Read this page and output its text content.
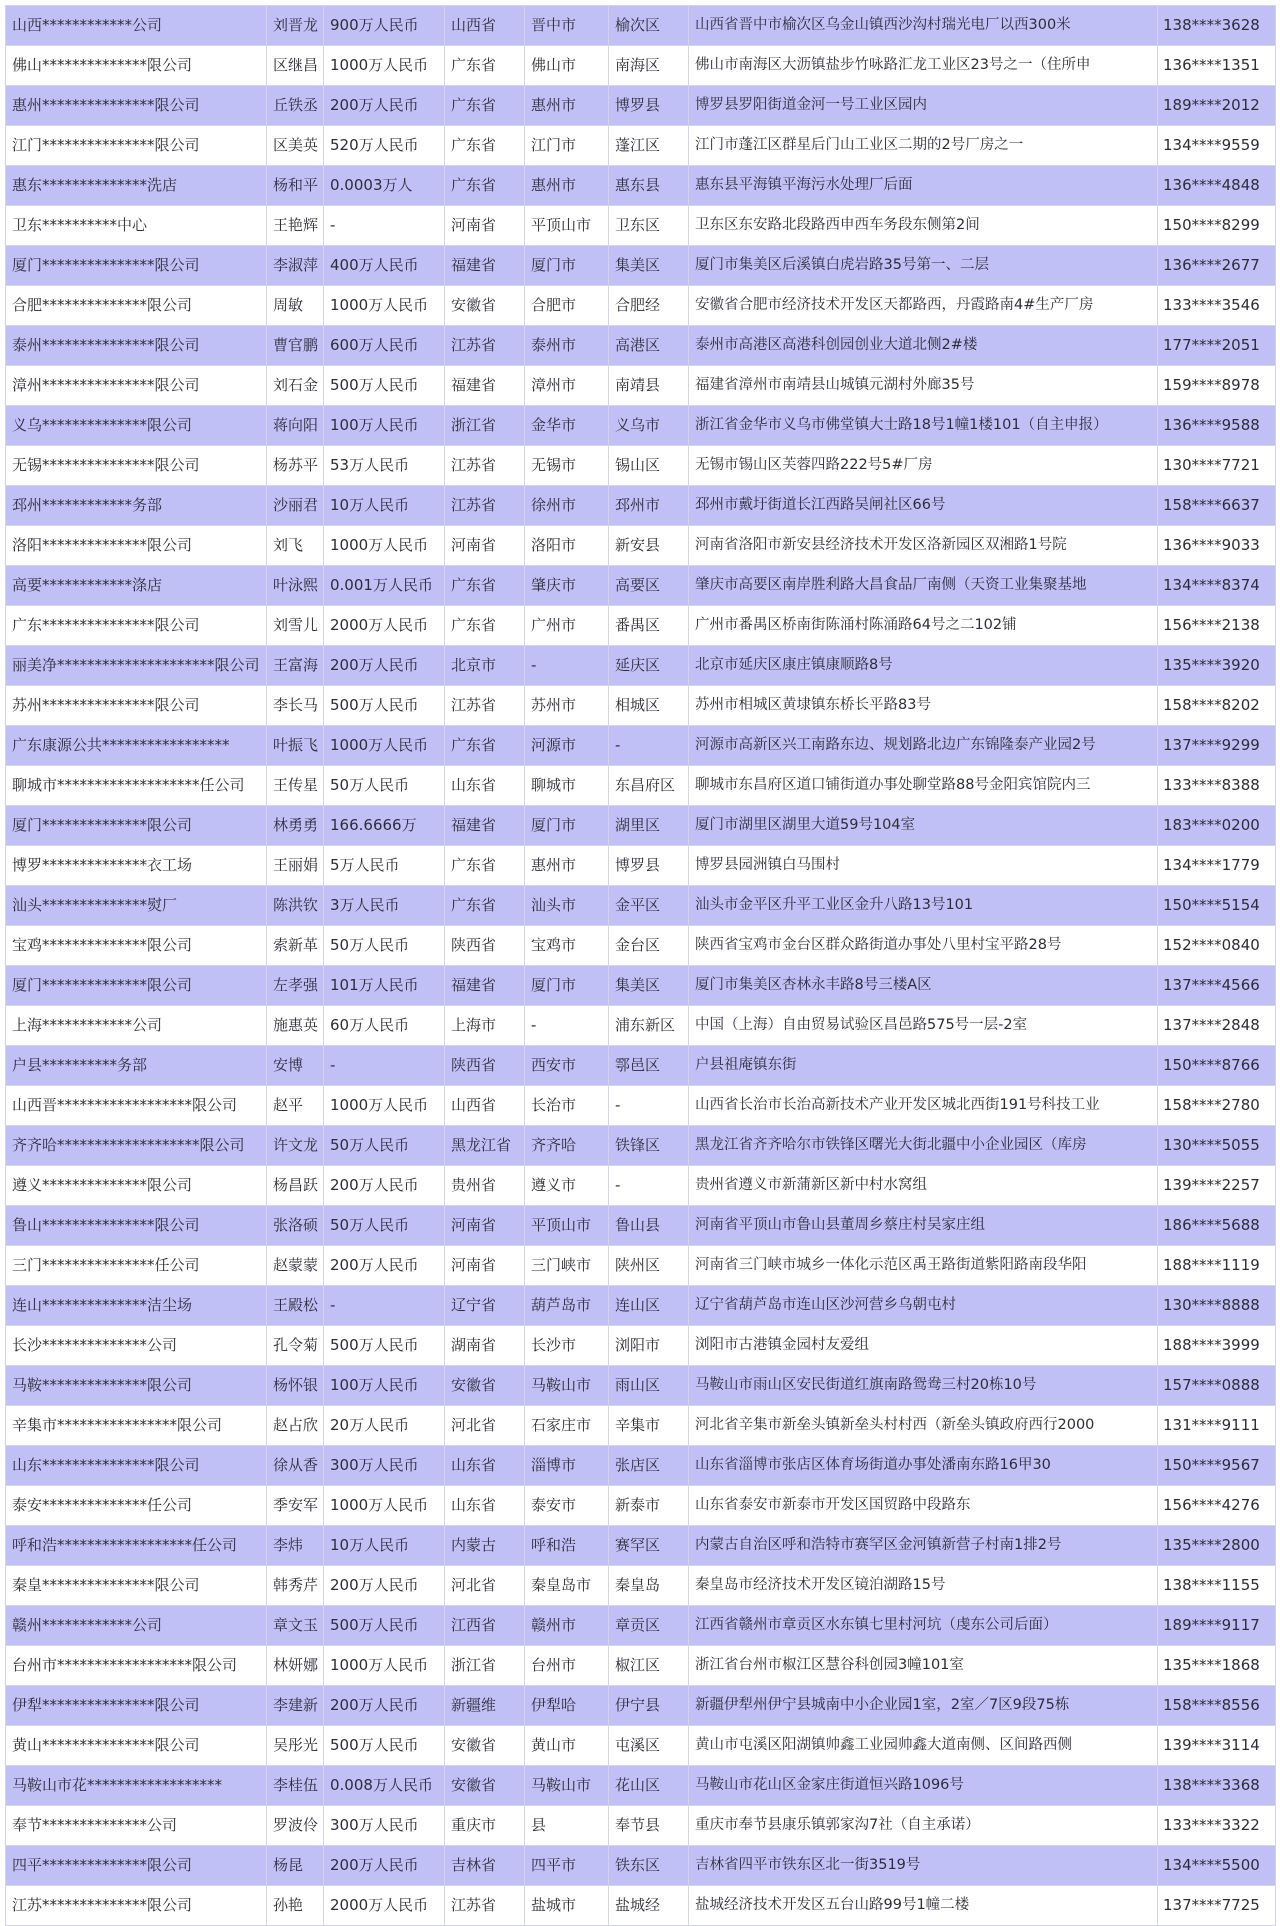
山西************公司	刘晋龙	900万人民币	山西省	晋中市	榆次区	山西省晋中市榆次区乌金山镇西沙沟村瑞光电厂以西300米	138****3628
佛山**************限公司	区继昌	1000万人民币	广东省	佛山市	南海区	佛山市南海区大沥镇盐步竹咏路汇龙工业区23号之一（住所申	136****1351
惠州***************限公司	丘铁丞	200万人民币	广东省	惠州市	博罗县	博罗县罗阳街道金河一号工业区园内	189****2012
江门***************限公司	区美英	520万人民币	广东省	江门市	蓬江区	江门市蓬江区群星后门山工业区二期的2号厂房之一	134****9559
惠东**************洗店	杨和平	0.0003万人	广东省	惠州市	惠东县	惠东县平海镇平海污水处理厂后面	136****4848
卫东**********中心	王艳辉	-	河南省	平顶山市	卫东区	卫东区东安路北段路西申西车务段东侧第2间	150****8299
厦门***************限公司	李淑萍	400万人民币	福建省	厦门市	集美区	厦门市集美区后溪镇白虎岩路35号第一、二层	136****2677
合肥**************限公司	周敏	1000万人民币	安徽省	合肥市	合肥经	安徽省合肥市经济技术开发区天都路西，丹霞路南4#生产厂房	133****3546
泰州***************限公司	曹官鹏	600万人民币	江苏省	泰州市	高港区	泰州市高港区高港科创园创业大道北侧2#楼	177****2051
漳州***************限公司	刘石金	500万人民币	福建省	漳州市	南靖县	福建省漳州市南靖县山城镇元湖村外廊35号	159****8978
义乌**************限公司	蒋向阳	100万人民币	浙江省	金华市	义乌市	浙江省金华市义乌市佛堂镇大士路18号1幢1楼101（自主申报）	136****9588
无锡***************限公司	杨苏平	53万人民币	江苏省	无锡市	锡山区	无锡市锡山区芙蓉四路222号5#厂房	130****7721
邳州************务部	沙丽君	10万人民币	江苏省	徐州市	邳州市	邳州市戴圩街道长江西路吴闸社区66号	158****6637
洛阳**************限公司	刘飞	1000万人民币	河南省	洛阳市	新安县	河南省洛阳市新安县经济技术开发区洛新园区双湘路1号院	136****9033
高要************涤店	叶泳熙	0.001万人民币	广东省	肇庆市	高要区	肇庆市高要区南岸胜利路大昌食品厂南侧（天资工业集聚基地	134****8374
广东***************限公司	刘雪儿	2000万人民币	广东省	广州市	番禺区	广州市番禺区桥南街陈涌村陈涌路64号之二102铺	156****2138
丽美净*********************限公司	王富海	200万人民币	北京市	-	延庆区	北京市延庆区康庄镇康顺路8号	135****3920
苏州***************限公司	李长马	500万人民币	江苏省	苏州市	相城区	苏州市相城区黄埭镇东桥长平路83号	158****8202
广东康源公共*****************	叶振飞	1000万人民币	广东省	河源市	-	河源市高新区兴工南路东边、规划路北边广东锦隆泰产业园2号	137****9299
聊城市*******************任公司	王传星	50万人民币	山东省	聊城市	东昌府区	聊城市东昌府区道口铺街道办事处聊堂路88号金阳宾馆院内三	133****8388
厦门**************限公司	林勇勇	166.6666万	福建省	厦门市	湖里区	厦门市湖里区湖里大道59号104室	183****0200
博罗**************衣工场	王丽娟	5万人民币	广东省	惠州市	博罗县	博罗县园洲镇白马围村	134****1779
汕头**************熨厂	陈洪钦	3万人民币	广东省	汕头市	金平区	汕头市金平区升平工业区金升八路13号101	150****5154
宝鸡**************限公司	索新革	50万人民币	陕西省	宝鸡市	金台区	陕西省宝鸡市金台区群众路街道办事处八里村宝平路28号	152****0840
厦门**************限公司	左孝强	101万人民币	福建省	厦门市	集美区	厦门市集美区杏林永丰路8号三楼A区	137****4566
上海************公司	施惠英	60万人民币	上海市	-	浦东新区	中国（上海）自由贸易试验区昌邑路575号一层-2室	137****2848
户县**********务部	安博	-	陕西省	西安市	鄠邑区	户县祖庵镇东街	150****8766
山西晋******************限公司	赵平	1000万人民币	山西省	长治市	-	山西省长治市长治高新技术产业开发区城北西街191号科技工业	158****2780
齐齐哈*******************限公司	许文龙	50万人民币	黑龙江省	齐齐哈	铁锋区	黑龙江省齐齐哈尔市铁锋区曙光大街北疆中小企业园区（库房	130****5055
遵义**************限公司	杨昌跃	200万人民币	贵州省	遵义市	-	贵州省遵义市新蒲新区新中村水窝组	139****2257
鲁山***************限公司	张洛硕	50万人民币	河南省	平顶山市	鲁山县	河南省平顶山市鲁山县董周乡蔡庄村吴家庄组	186****5688
三门***************任公司	赵蒙蒙	200万人民币	河南省	三门峡市	陕州区	河南省三门峡市城乡一体化示范区禹王路街道紫阳路南段华阳	188****1119
连山**************洁尘场	王殿松	-	辽宁省	葫芦岛市	连山区	辽宁省葫芦岛市连山区沙河营乡乌朝屯村	130****8888
长沙**************公司	孔令菊	500万人民币	湖南省	长沙市	浏阳市	浏阳市古港镇金园村友爱组	188****3999
马鞍**************限公司	杨怀银	100万人民币	安徽省	马鞍山市	雨山区	马鞍山市雨山区安民街道红旗南路鸳鸯三村20栋10号	157****0888
辛集市****************限公司	赵占欣	20万人民币	河北省	石家庄市	辛集市	河北省辛集市新垒头镇新垒头村村西（新垒头镇政府西行2000	131****9111
山东***************限公司	徐从香	300万人民币	山东省	淄博市	张店区	山东省淄博市张店区体育场街道办事处潘南东路16甲30	150****9567
泰安**************任公司	季安军	1000万人民币	山东省	泰安市	新泰市	山东省泰安市新泰市开发区国贸路中段路东	156****4276
呼和浩******************任公司	李炜	10万人民币	内蒙古	呼和浩	赛罕区	内蒙古自治区呼和浩特市赛罕区金河镇新营子村南1排2号	135****2800
秦皇***************限公司	韩秀芹	200万人民币	河北省	秦皇岛市	秦皇岛	秦皇岛市经济技术开发区镜泊湖路15号	138****1155
赣州************公司	章文玉	500万人民币	江西省	赣州市	章贡区	江西省赣州市章贡区水东镇七里村河坑（虔东公司后面）	189****9117
台州市******************限公司	林妍娜	1000万人民币	浙江省	台州市	椒江区	浙江省台州市椒江区慧谷科创园3幢101室	135****1868
伊犁***************限公司	李建新	200万人民币	新疆维	伊犁哈	伊宁县	新疆伊犁州伊宁县城南中小企业园1室，2室／7区9段75栋	158****8556
黄山***************限公司	吴彤光	500万人民币	安徽省	黄山市	屯溪区	黄山市屯溪区阳湖镇帅鑫工业园帅鑫大道南侧、区间路西侧	139****3114
马鞍山市花******************	李桂伍	0.008万人民币	安徽省	马鞍山市	花山区	马鞍山市花山区金家庄街道恒兴路1096号	138****3368
奉节**************公司	罗波伶	300万人民币	重庆市	县	奉节县	重庆市奉节县康乐镇郭家沟7社（自主承诺）	133****3322
四平**************限公司	杨昆	200万人民币	吉林省	四平市	铁东区	吉林省四平市铁东区北一街3519号	134****5500
江苏**************限公司	孙艳	2000万人民币	江苏省	盐城市	盐城经	盐城经济技术开发区五台山路99号1幢二楼	137****7725
